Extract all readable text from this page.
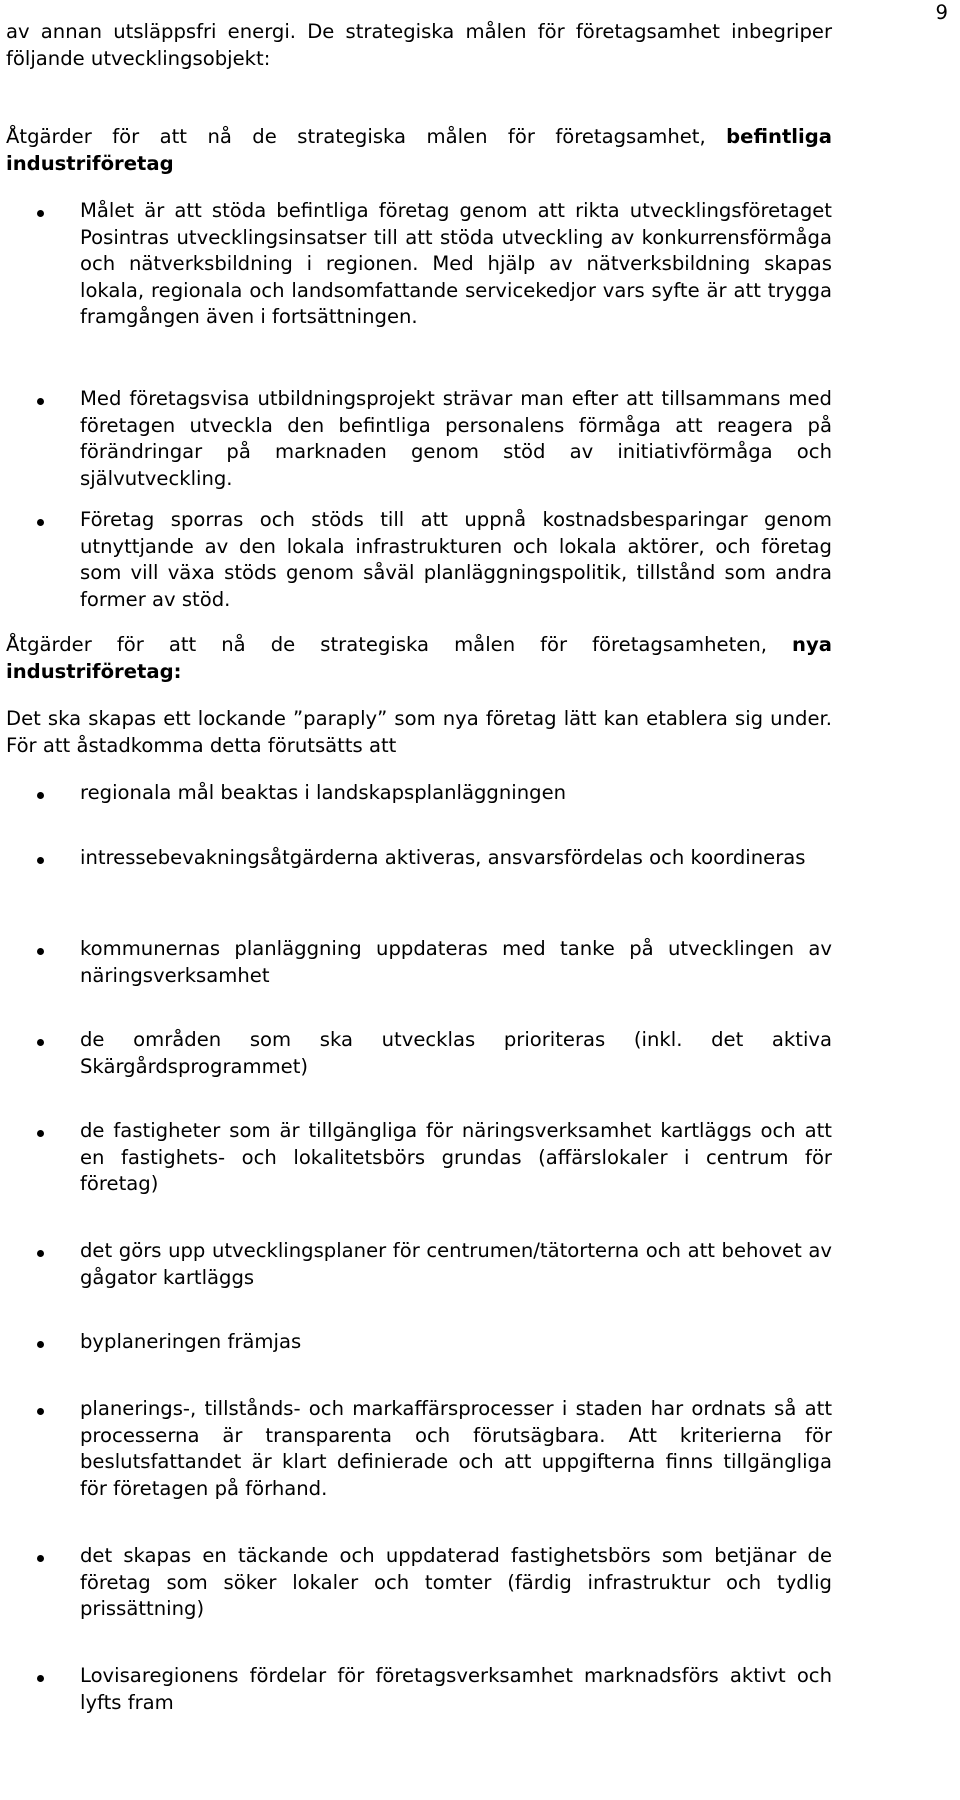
9

av annan utsläppsfri energi. De strategiska målen för företagsamhet inbegriper följande utvecklingsobjekt:

Åtgärder för att nå de strategiska målen för företagsamhet, befintliga industriföretag

Målet är att stöda befintliga företag genom att rikta utvecklingsföretaget Posintras utvecklingsinsatser till att stöda utveckling av konkurrensförmåga och nätverksbildning i regionen. Med hjälp av nätverksbildning skapas lokala, regionala och landsomfattande servicekedjor vars syfte är att trygga framgången även i fortsättningen.

Med företagsvisa utbildningsprojekt strävar man efter att tillsammans med företagen utveckla den befintliga personalens förmåga att reagera på förändringar på marknaden genom stöd av initiativförmåga och självutveckling.

Företag sporras och stöds till att uppnå kostnadsbesparingar genom utnyttjande av den lokala infrastrukturen och lokala aktörer, och företag som vill växa stöds genom såväl planläggningspolitik, tillstånd som andra former av stöd.

Åtgärder för att nå de strategiska målen för företagsamheten, nya industriföretag:

Det ska skapas ett lockande ”paraply” som nya företag lätt kan etablera sig under. För att åstadkomma detta förutsätts att

regionala mål beaktas i landskapsplanläggningen

intressebevakningsåtgärderna aktiveras, ansvarsfördelas och koordineras

kommunernas planläggning uppdateras med tanke på utvecklingen av näringsverksamhet

de områden som ska utvecklas prioriteras (inkl. det aktiva Skärgårdsprogrammet)

de fastigheter som är tillgängliga för näringsverksamhet kartläggs och att en fastighets- och lokalitetsbörs grundas (affärslokaler i centrum för företag)

det görs upp utvecklingsplaner för centrumen/tätorterna och att behovet av gågator kartläggs

byplaneringen främjas

planerings-, tillstånds- och markaffärsprocesser i staden har ordnats så att processerna är transparenta och förutsägbara. Att kriterierna för beslutsfattandet är klart definierade och att uppgifterna finns tillgängliga för företagen på förhand.

det skapas en täckande och uppdaterad fastighetsbörs som betjänar de företag som söker lokaler och tomter (färdig infrastruktur och tydlig prissättning)

Lovisaregionens fördelar för företagsverksamhet marknadsförs aktivt och lyfts fram
